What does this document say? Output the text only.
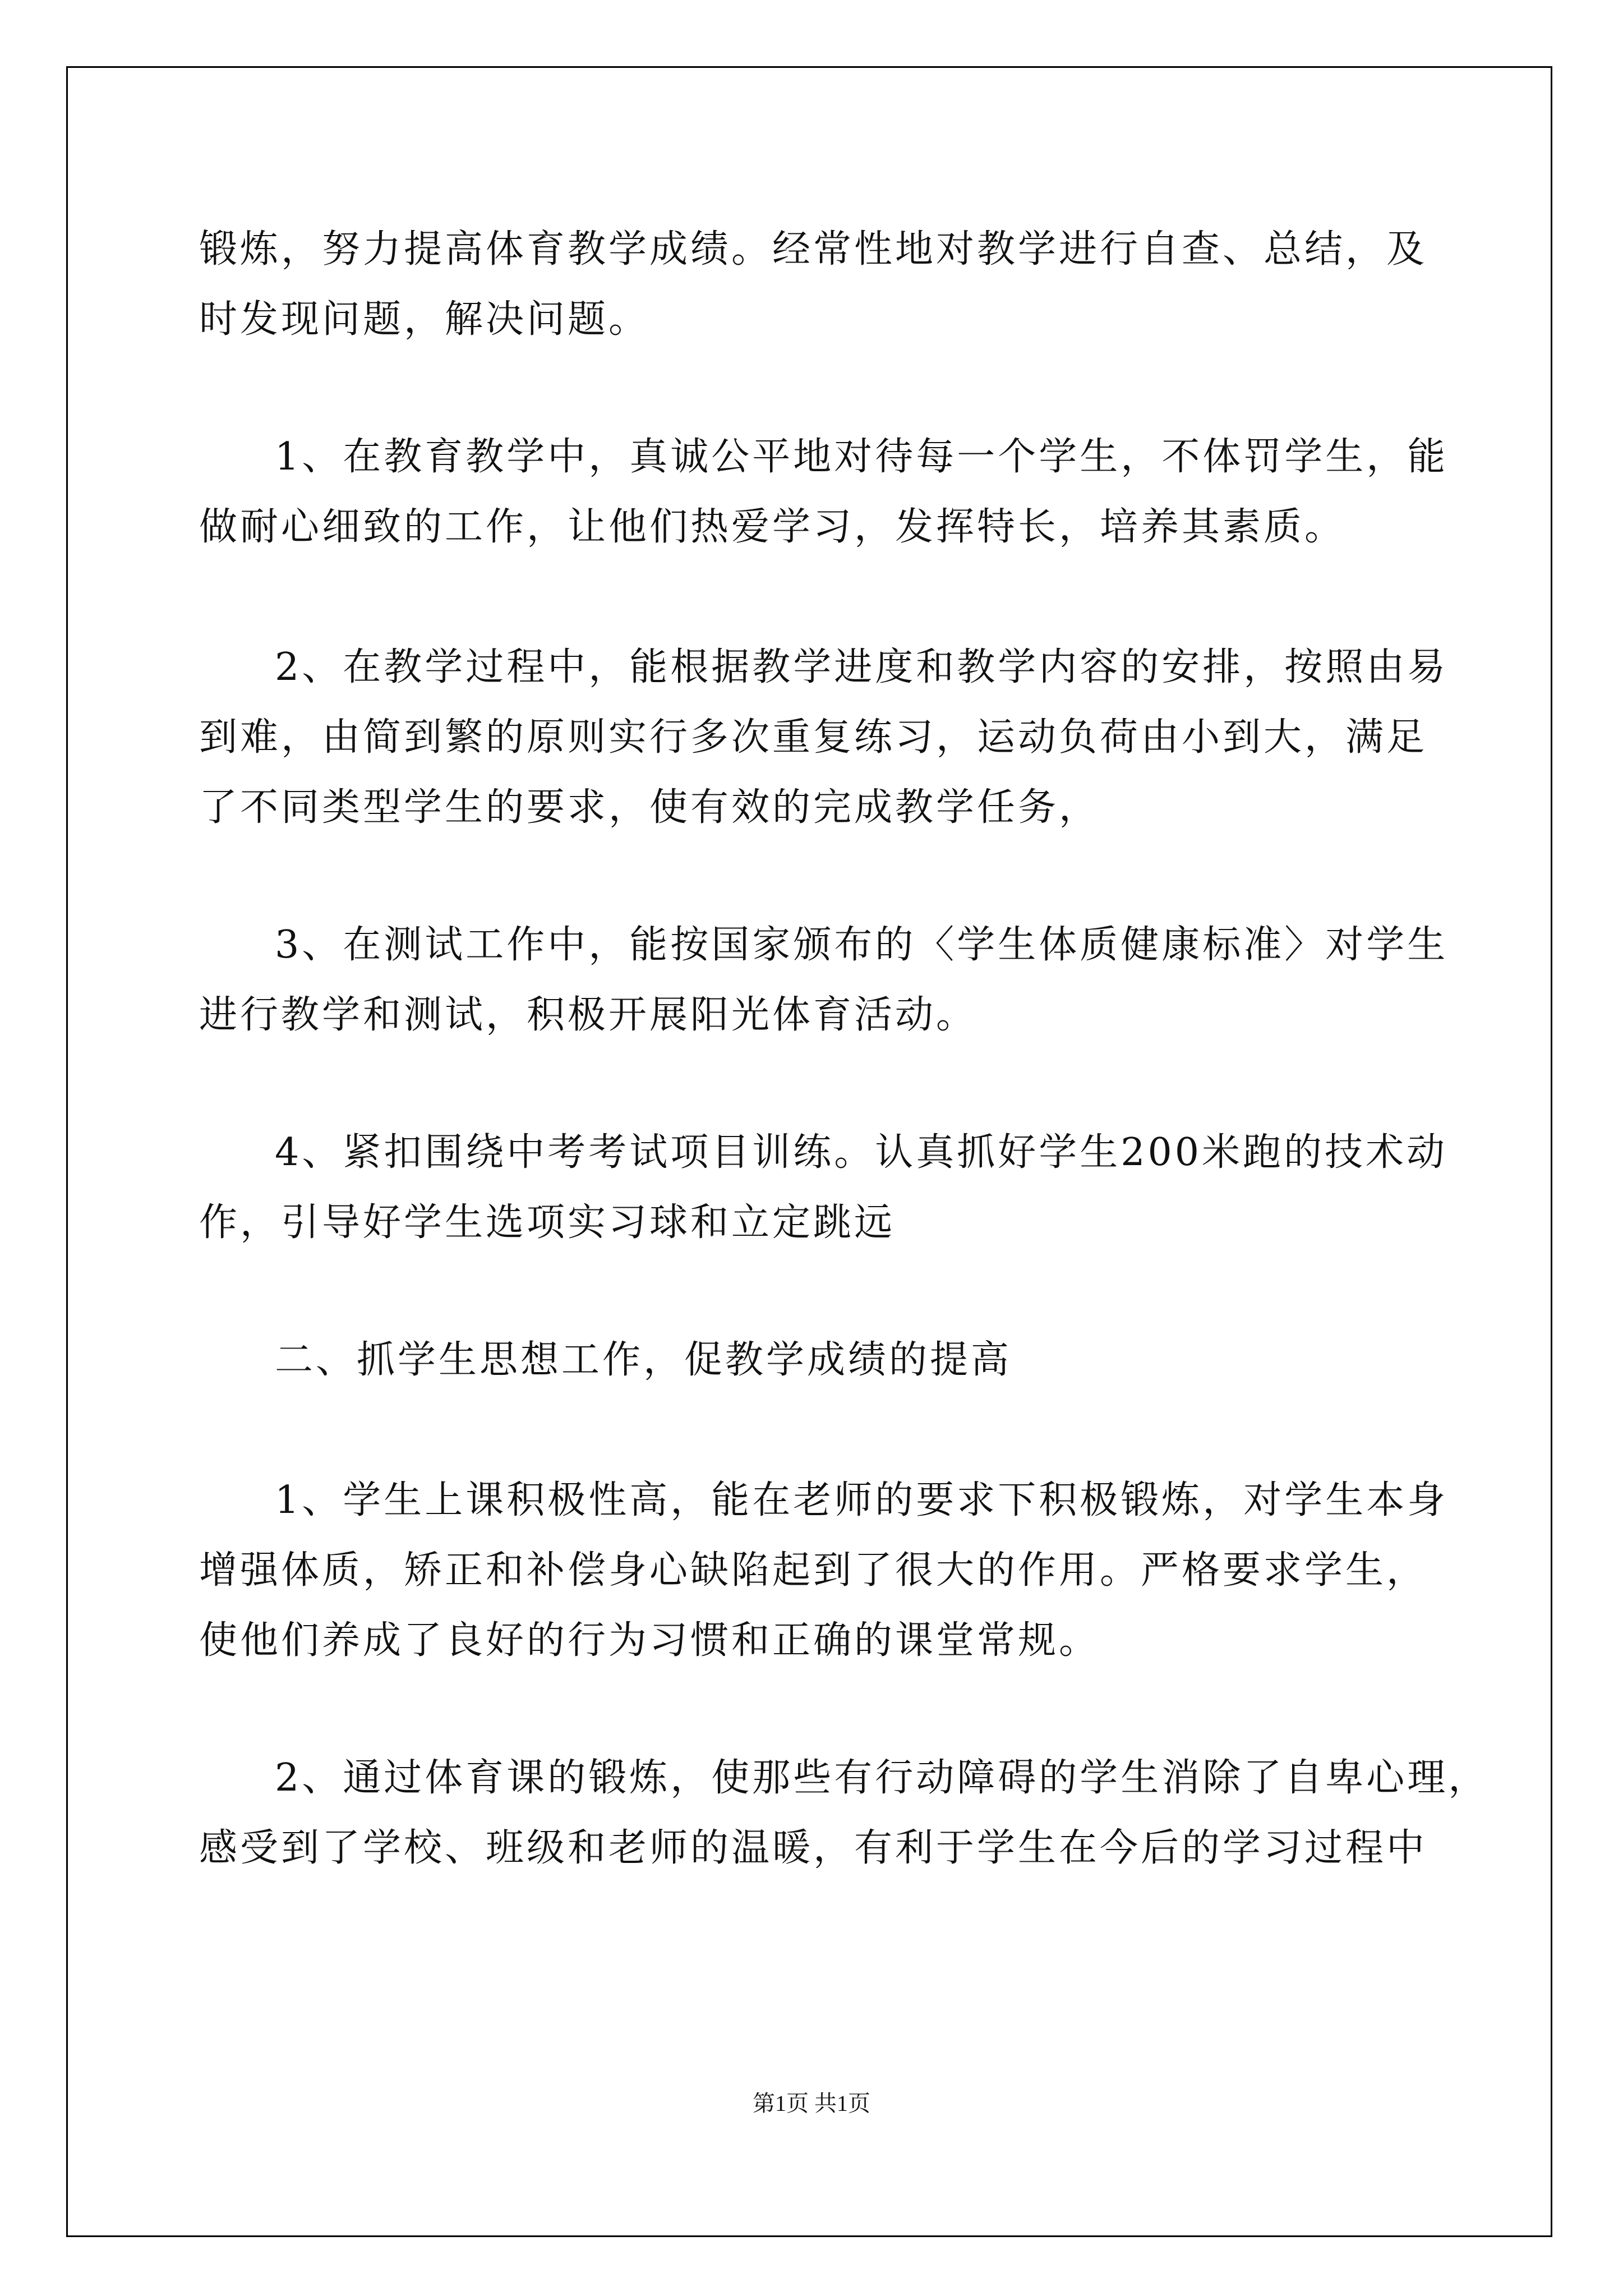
锻炼，努力提高体育教学成绩。经常性地对教学进行自查、总结，及

时发现问题，解决问题。

1、在教育教学中，真诚公平地对待每一个学生，不体罚学生，能

做耐心细致的工作，让他们热爱学习，发挥特长，培养其素质。

2、在教学过程中，能根据教学进度和教学内容的安排，按照由易

到难，由简到繁的原则实行多次重复练习，运动负荷由小到大，满足

了不同类型学生的要求，使有效的完成教学任务，

3、在测试工作中，能按国家颁布的〈学生体质健康标准〉对学生

进行教学和测试，积极开展阳光体育活动。

4、紧扣围绕中考考试项目训练。认真抓好学生200米跑的技术动

作，引导好学生选项实习球和立定跳远

二、抓学生思想工作，促教学成绩的提高

1、学生上课积极性高，能在老师的要求下积极锻炼，对学生本身

增强体质，矫正和补偿身心缺陷起到了很大的作用。严格要求学生，

使他们养成了良好的行为习惯和正确的课堂常规。

2、通过体育课的锻炼，使那些有行动障碍的学生消除了自卑心理，

感受到了学校、班级和老师的温暖，有利于学生在今后的学习过程中

第1页 共1页
